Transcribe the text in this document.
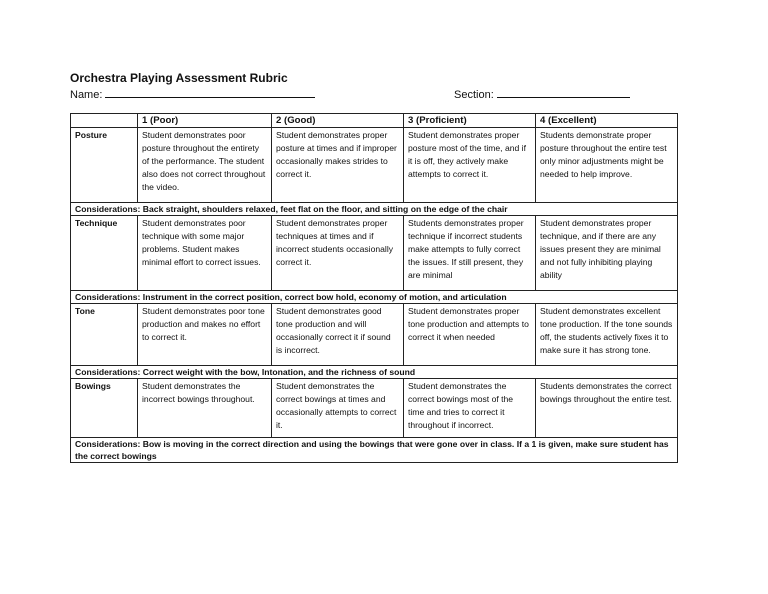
Orchestra Playing Assessment Rubric
Name:	Section:
	1 (Poor)	2 (Good)	3 (Proficient)	4 (Excellent)
Posture	Student demonstrates poor posture throughout the entirety of the performance. The student also does not correct throughout the video.	Student demonstrates proper posture at times and if improper occasionally makes strides to correct it.	Student demonstrates proper posture most of the time, and if it is off, they actively make attempts to correct it.	Students demonstrate proper posture throughout the entire test only minor adjustments might be needed to help improve.
Considerations: Back straight, shoulders relaxed, feet flat on the floor, and sitting on the edge of the chair				
Technique	Student demonstrates poor technique with some major problems. Student makes minimal effort to correct issues.	Student demonstrates proper techniques at times and if incorrect students occasionally correct it.	Students demonstrates proper technique if incorrect students make attempts to fully correct the issues. If still present, they are minimal	Student demonstrates proper technique, and if there are any issues present they are minimal and not fully inhibiting playing ability
Considerations: Instrument in the correct position, correct bow hold, economy of motion, and articulation				
Tone	Student demonstrates poor tone production and makes no effort to correct it.	Student demonstrates good tone production and will occasionally correct it if sound is incorrect.	Student demonstrates proper tone production and attempts to correct it when needed	Student demonstrates excellent tone production. If the tone sounds off, the students actively fixes it to make sure it has strong tone.
Considerations: Correct weight with the bow, Intonation, and the richness of sound				
Bowings	Student demonstrates the incorrect bowings throughout.	Student demonstrates the correct bowings at times and occasionally attempts to correct it.	Student demonstrates the correct bowings most of the time and tries to correct it throughout if incorrect.	Students demonstrates the correct bowings throughout the entire test.
Considerations: Bow is moving in the correct direction and using the bowings that were gone over in class. If a 1 is given, make sure student has the correct bowings				
